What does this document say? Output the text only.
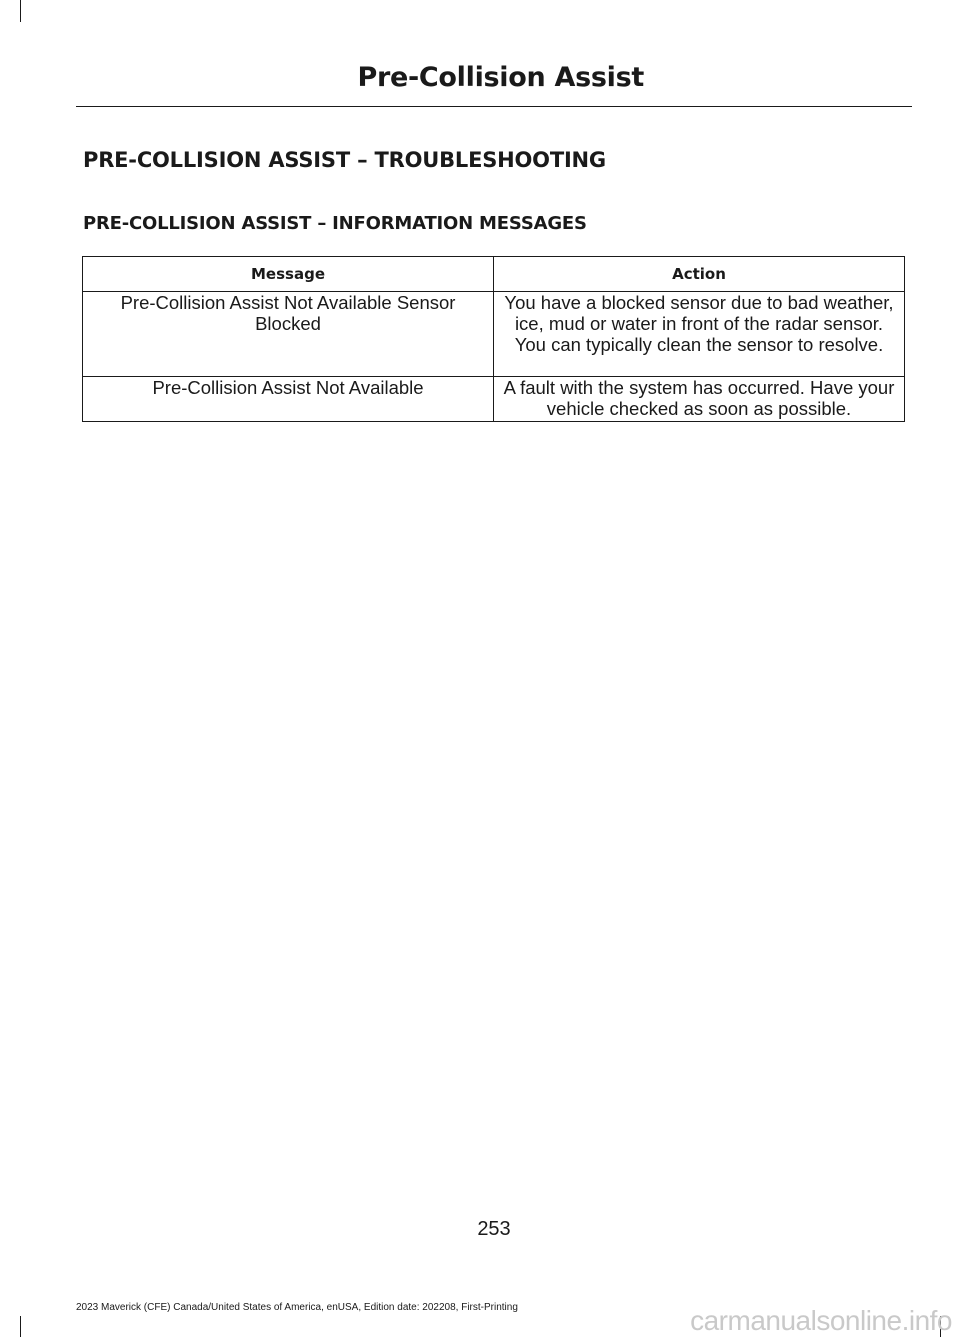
Pre-Collision Assist
PRE-COLLISION ASSIST – TROUBLESHOOTING
PRE-COLLISION ASSIST – INFORMATION MESSAGES
Message	Action
Pre-Collision Assist Not Available Sensor Blocked	You have a blocked sensor due to bad weather, ice, mud or water in front of the radar sensor. You can typically clean the sensor to resolve.
Pre-Collision Assist Not Available	A fault with the system has occurred. Have your vehicle checked as soon as possible.
253
2023 Maverick (CFE) Canada/United States of America, enUSA, Edition date: 202208, First-Printing	carmanualsonline.info
